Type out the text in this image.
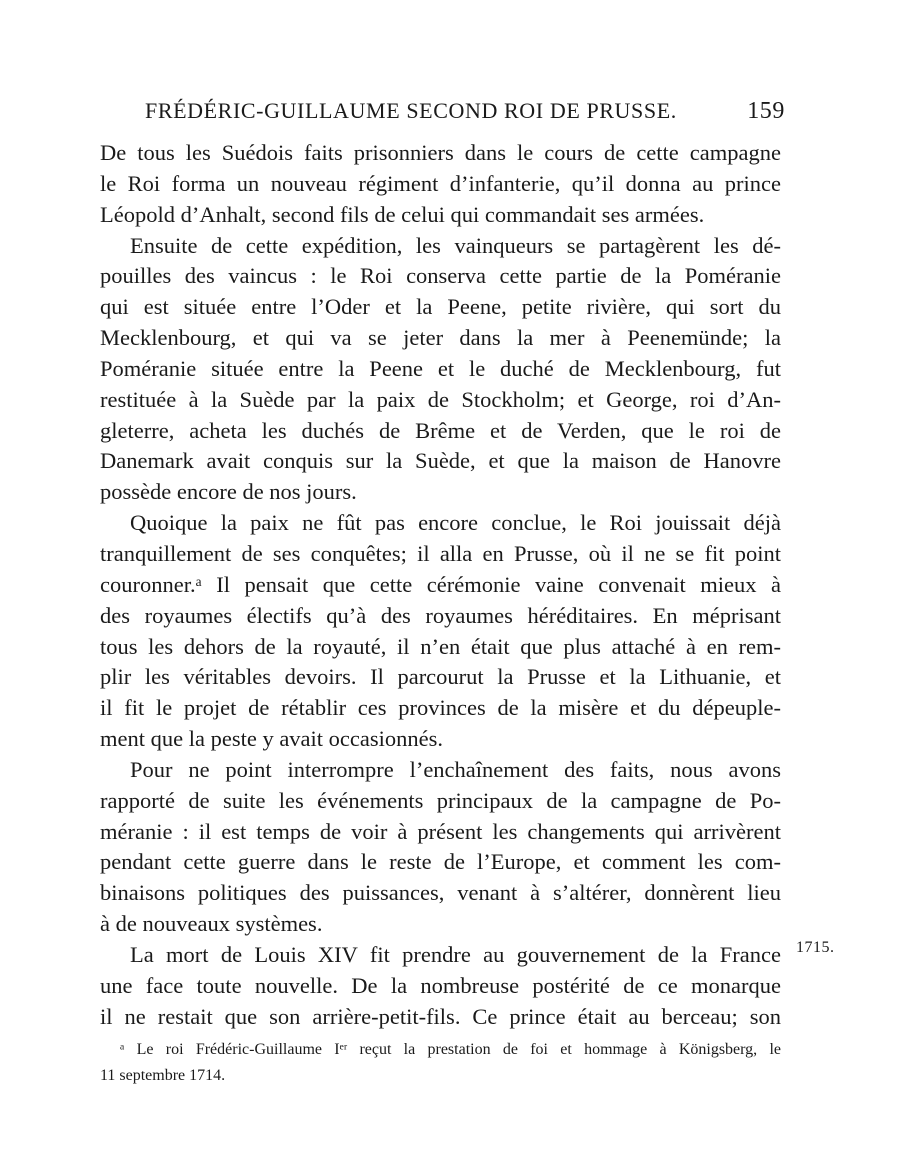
FRÉDÉRIC-GUILLAUME SECOND ROI DE PRUSSE.	159
De tous les Suédois faits prisonniers dans le cours de cette campagne
le Roi forma un nouveau régiment d’infanterie, qu’il donna au prince
Léopold d’Anhalt, second fils de celui qui commandait ses armées.
Ensuite de cette expédition, les vainqueurs se partagèrent les dé-
pouilles des vaincus : le Roi conserva cette partie de la Poméranie
qui est située entre l’Oder et la Peene, petite rivière, qui sort du
Mecklenbourg, et qui va se jeter dans la mer à Peenemünde; la
Poméranie située entre la Peene et le duché de Mecklenbourg, fut
restituée à la Suède par la paix de Stockholm; et George, roi d’An-
gleterre, acheta les duchés de Brême et de Verden, que le roi de
Danemark avait conquis sur la Suède, et que la maison de Hanovre
possède encore de nos jours.
Quoique la paix ne fût pas encore conclue, le Roi jouissait déjà
tranquillement de ses conquêtes; il alla en Prusse, où il ne se fit point
couronner.ᵃ Il pensait que cette cérémonie vaine convenait mieux à
des royaumes électifs qu’à des royaumes héréditaires. En méprisant
tous les dehors de la royauté, il n’en était que plus attaché à en rem-
plir les véritables devoirs. Il parcourut la Prusse et la Lithuanie, et
il fit le projet de rétablir ces provinces de la misère et du dépeuple-
ment que la peste y avait occasionnés.
Pour ne point interrompre l’enchaînement des faits, nous avons
rapporté de suite les événements principaux de la campagne de Po-
méranie : il est temps de voir à présent les changements qui arrivèrent
pendant cette guerre dans le reste de l’Europe, et comment les com-
binaisons politiques des puissances, venant à s’altérer, donnèrent lieu
à de nouveaux systèmes.
La mort de Louis XIV fit prendre au gouvernement de la France
une face toute nouvelle. De la nombreuse postérité de ce monarque
il ne restait que son arrière-petit-fils. Ce prince était au berceau; son
1715.
ᵃ Le roi Frédéric-Guillaume Iᵉʳ reçut la prestation de foi et hommage à Königsberg, le
11 septembre 1714.
